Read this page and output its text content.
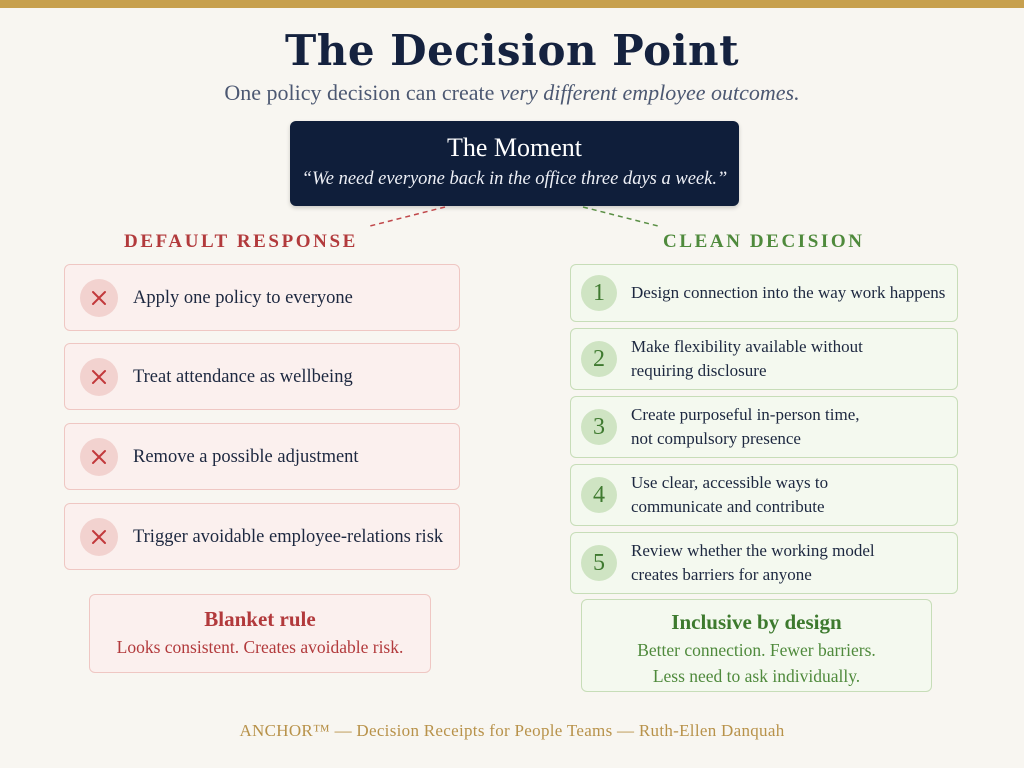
The Decision Point
One policy decision can create very different employee outcomes.
The Moment
“We need everyone back in the office three days a week.”
DEFAULT RESPONSE	CLEAN DECISION
Apply one policy to everyone
Treat attendance as wellbeing
Remove a possible adjustment
Trigger avoidable employee-relations risk
1	Design connection into the way work happens
2	Make flexibility available without
requiring disclosure
3	Create purposeful in-person time,
not compulsory presence
4	Use clear, accessible ways to
communicate and contribute
5	Review whether the working model
creates barriers for anyone
Blanket rule
Looks consistent. Creates avoidable risk.
Inclusive by design
Better connection. Fewer barriers.
Less need to ask individually.
ANCHOR™ — Decision Receipts for People Teams — Ruth-Ellen Danquah
